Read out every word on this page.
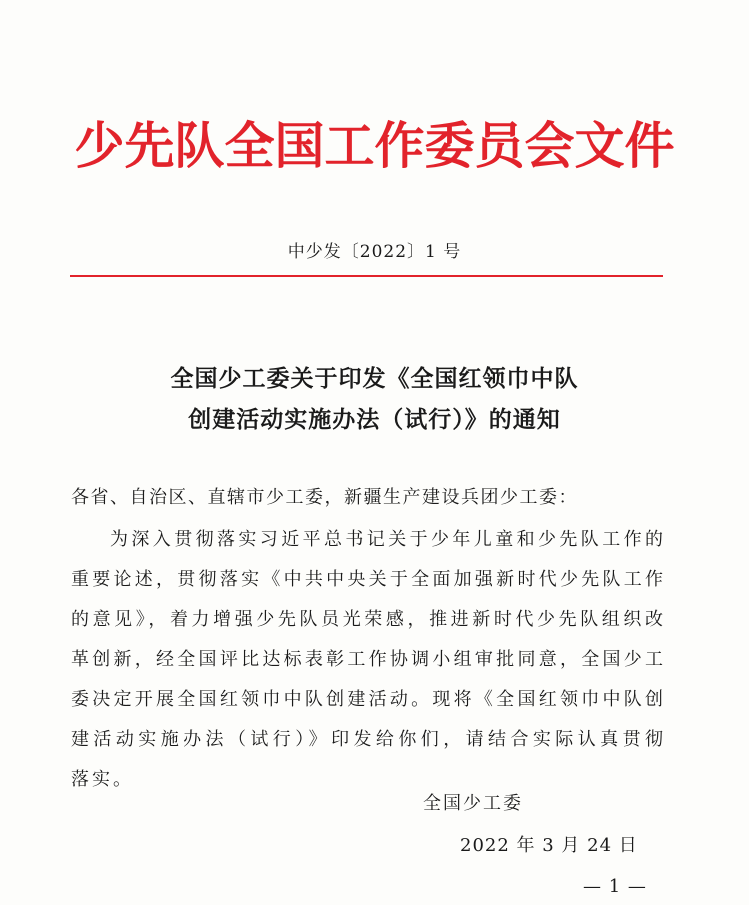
少先队全国工作委员会文件
中少发〔2022〕1 号
全国少工委关于印发《全国红领巾中队
创建活动实施办法（试行）》的通知
各省、自治区、直辖市少工委，新疆生产建设兵团少工委：
为深入贯彻落实习近平总书记关于少年儿童和少先队工作的
重要论述，贯彻落实《中共中央关于全面加强新时代少先队工作
的意见》，着力增强少先队员光荣感，推进新时代少先队组织改
革创新，经全国评比达标表彰工作协调小组审批同意，全国少工
委决定开展全国红领巾中队创建活动。现将《全国红领巾中队创
建活动实施办法（试行）》印发给你们，请结合实际认真贯彻
落实。
全国少工委
2022 年 3 月 24 日
— 1 —
